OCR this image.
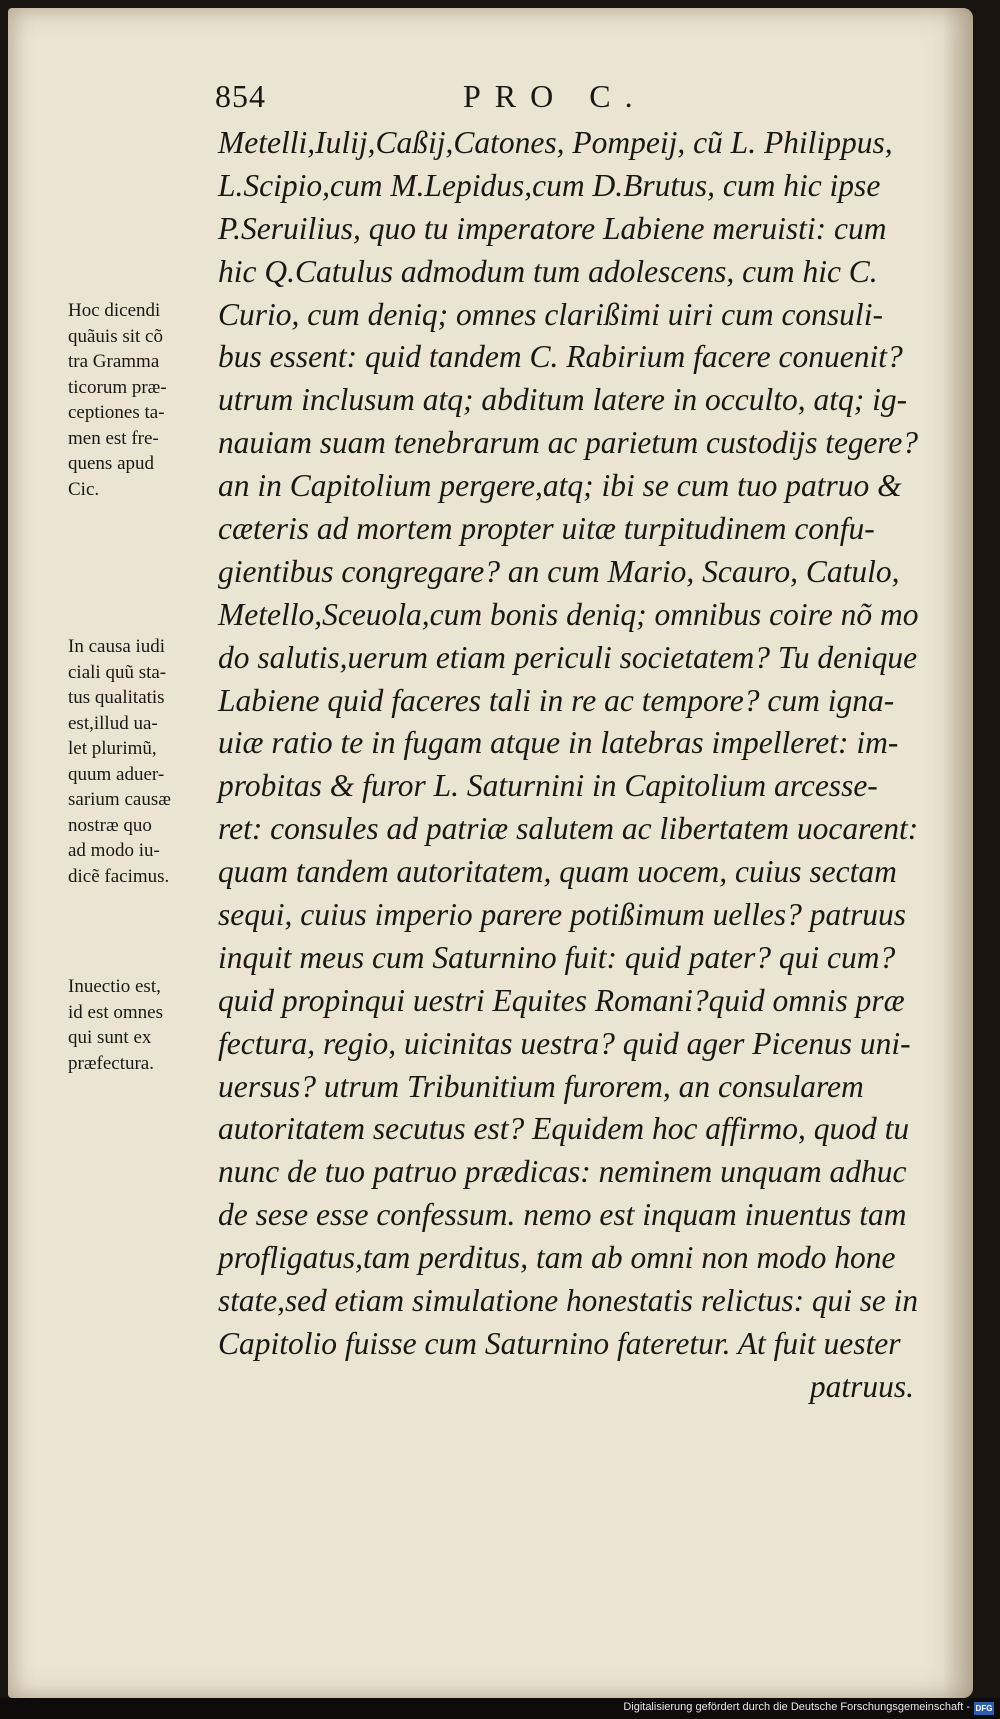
854	PRO C.
Metelli,Iulij,Caßij,Catones, Pompeij, cũ L. Philippus,
L.Scipio,cum M.Lepidus,cum D.Brutus, cum hic ipse
P.Seruilius, quo tu imperatore Labiene meruisti: cum
hic Q.Catulus admodum tum adolescens, cum hic C.
Curio, cum deniq; omnes clarißimi uiri cum consuli-
bus essent: quid tandem C. Rabirium facere conuenit?
utrum inclusum atq; abditum latere in occulto, atq; ig-
nauiam suam tenebrarum ac parietum custodijs tegere?
an in Capitolium pergere,atq; ibi se cum tuo patruo &
cæteris ad mortem propter uitæ turpitudinem confu-
gientibus congregare? an cum Mario, Scauro, Catulo,
Metello,Sceuola,cum bonis deniq; omnibus coire nõ mo
do salutis,uerum etiam periculi societatem? Tu denique
Labiene quid faceres tali in re ac tempore? cum igna-
uiæ ratio te in fugam atque in latebras impelleret: im-
probitas & furor L. Saturnini in Capitolium arcesse-
ret: consules ad patriæ salutem ac libertatem uocarent:
quam tandem autoritatem, quam uocem, cuius sectam
sequi, cuius imperio parere potißimum uelles? patruus
inquit meus cum Saturnino fuit: quid pater? qui cum?
quid propinqui uestri Equites Romani?quid omnis præ
fectura, regio, uicinitas uestra? quid ager Picenus uni-
uersus? utrum Tribunitium furorem, an consularem
autoritatem secutus est? Equidem hoc affirmo, quod tu
nunc de tuo patruo prædicas: neminem unquam adhuc
de sese esse confessum. nemo est inquam inuentus tam
profligatus,tam perditus, tam ab omni non modo hone
state,sed etiam simulatione honestatis relictus: qui se in
Capitolio fuisse cum Saturnino fateretur. At fuit uester
patruus.
Hoc dicendi
quãuis sit cõ
tra Gramma
ticorum præ-
ceptiones ta-
men est fre-
quens apud
Cic.
In causa iudi
ciali quũ sta-
tus qualitatis
est,illud ua-
let plurimũ,
quum aduer-
sarium causæ
nostræ quo
ad modo iu-
dicẽ facimus.
Inuectio est,
id est omnes
qui sunt ex
præfectura.
Digitalisierung gefördert durch die Deutsche Forschungsgemeinschaft - DFG
